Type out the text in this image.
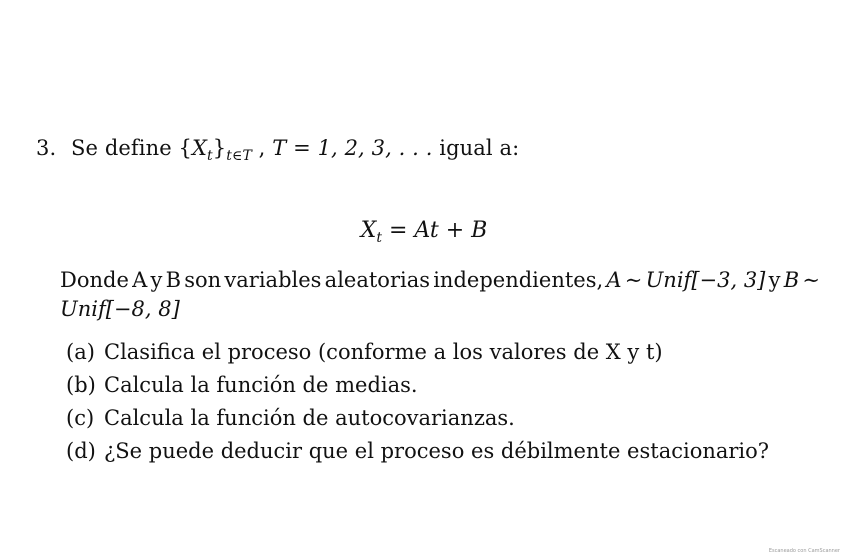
3. Se define $\{X_t\}_{t\in T}$ , T = 1, 2, 3, . . . igual a:
$X_t = At + B$
Donde A y B son variables aleatorias independientes, A ∼ Unif[−3, 3] y B ∼
Unif[−8, 8]
(a) Clasifica el proceso (conforme a los valores de X y t)
(b) Calcula la función de medias.
(c) Calcula la función de autocovarianzas.
(d) ¿Se puede deducir que el proceso es débilmente estacionario?
Escaneado con CamScanner
